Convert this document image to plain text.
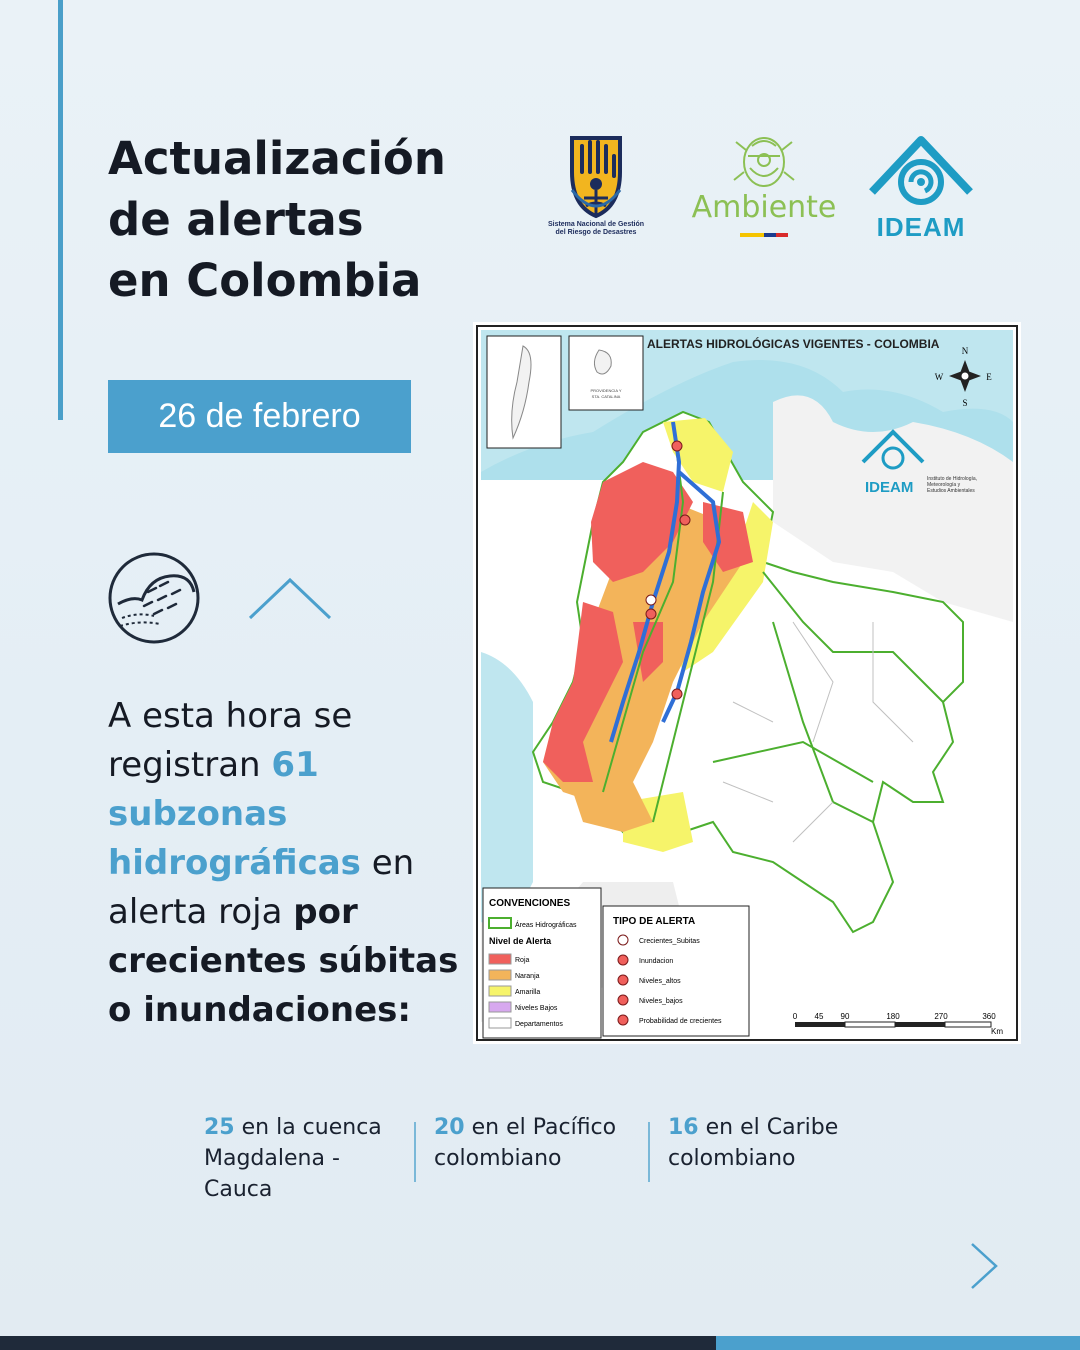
Actualización
de alertas
en Colombia
26 de febrero
Sistema Nacional de Gestión
del Riesgo de Desastres
Ambiente
IDEAM

A esta hora se registran 61 subzonas hidrográficas en alerta roja por crecientes súbitas o inundaciones:

PROVIDENCIA Y
STA. CATALINA
ALERTAS HIDROLÓGICAS VIGENTES - COLOMBIA N
S
E
W
IDEAM	Instituto de Hidrología,
Meteorología y
Estudios Ambientales
CONVENCIONES
Áreas Hidrográficas
Nivel de Alerta
Roja
Naranja
Amarilla
Niveles Bajos
Departamentos
TIPO DE ALERTA
Crecientes_Subitas
Inundacion
Niveles_altos
Niveles_bajos
Probabilidad de crecientes
0 45 90	180	270	360
Km
25 en la cuenca
Magdalena -
Cauca
20 en el Pacífico
colombiano
16 en el Caribe
colombiano
